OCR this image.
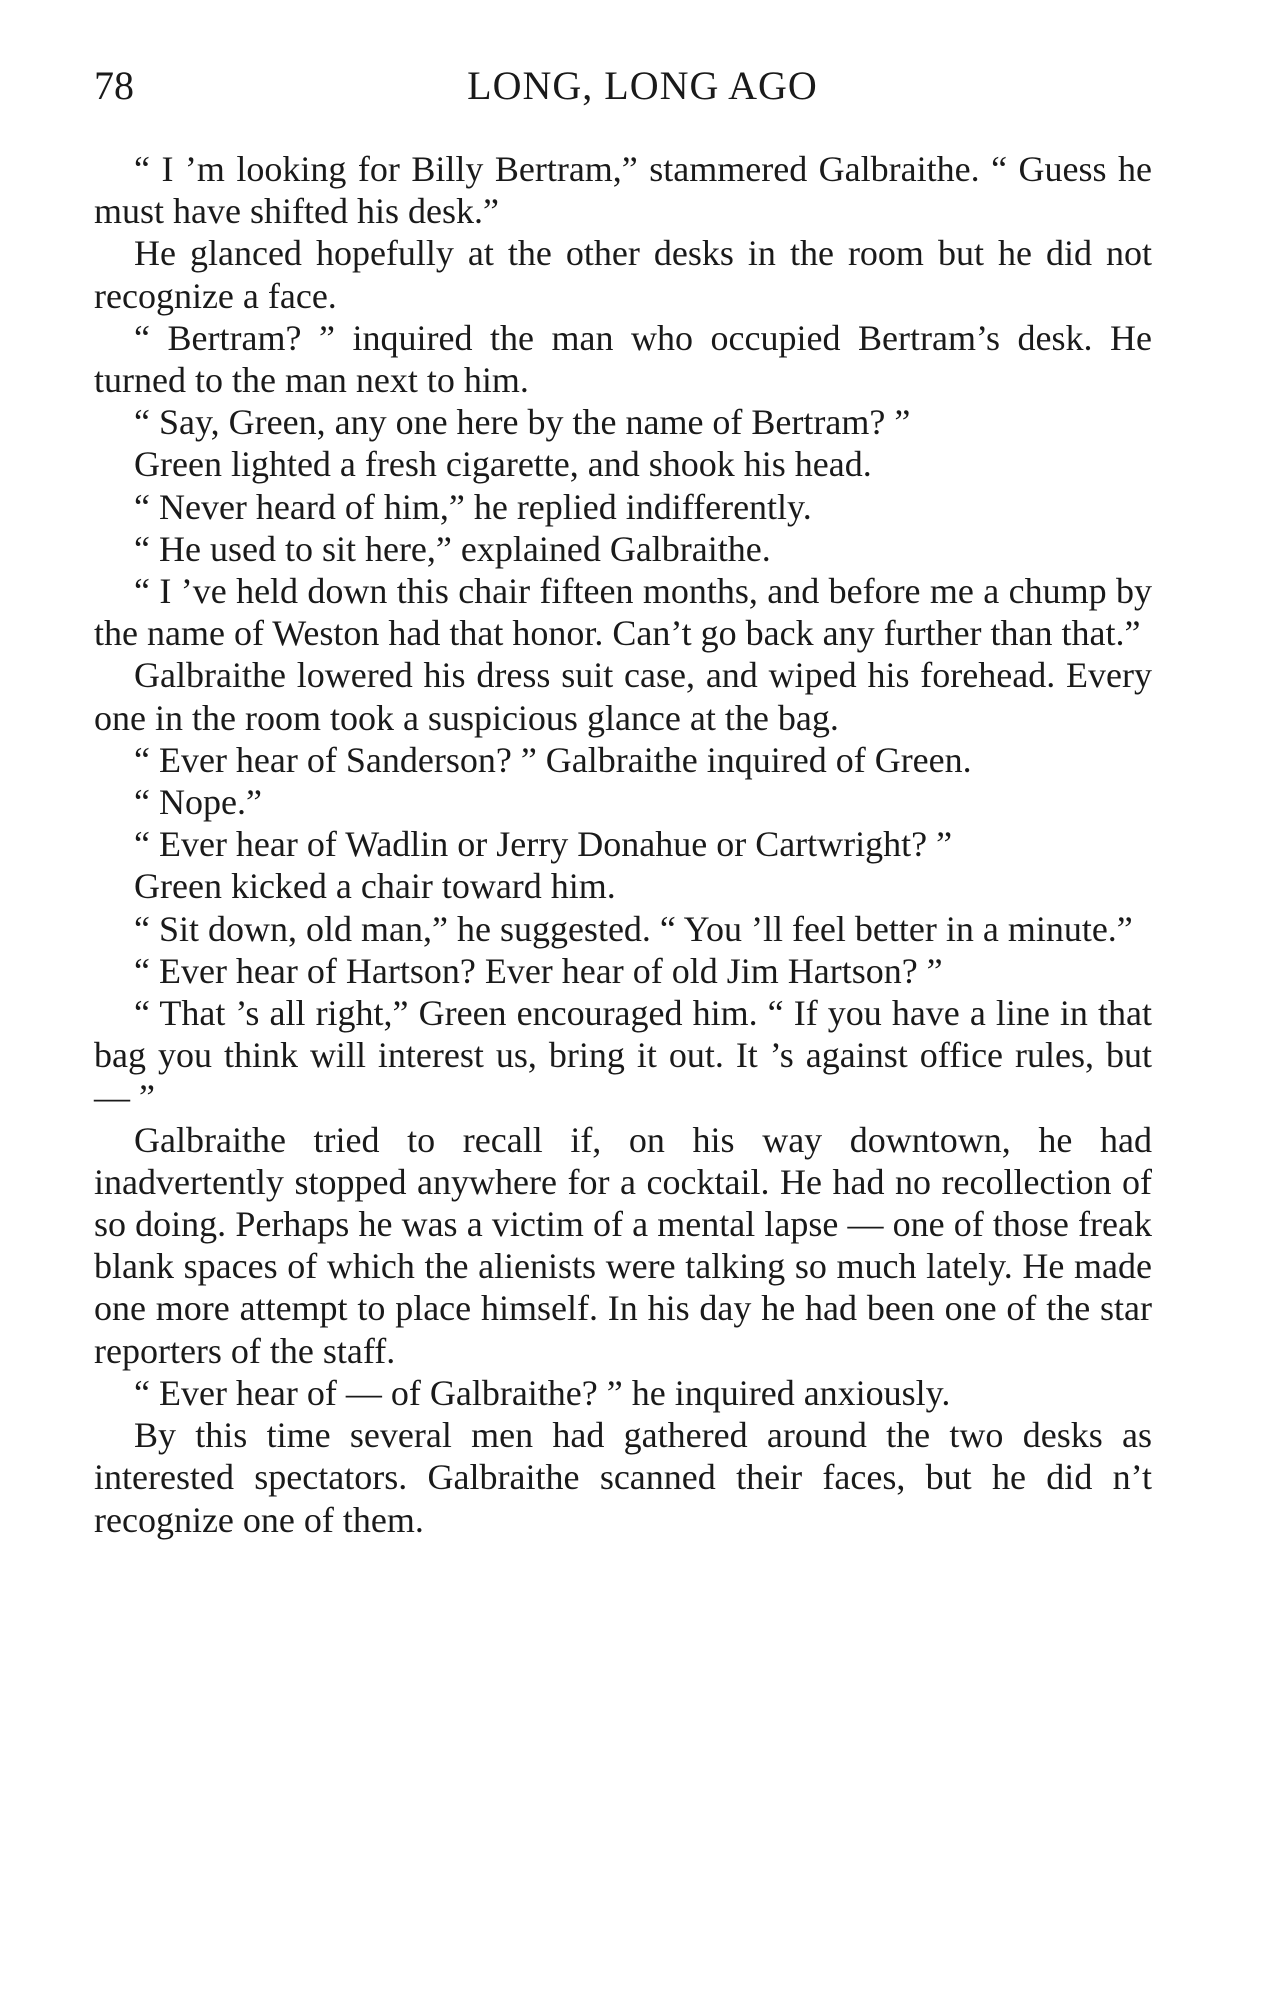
78	LONG, LONG AGO

“ I ’m looking for Billy Bertram,” stammered Galbraithe. “ Guess he must have shifted his desk.”

He glanced hopefully at the other desks in the room but he did not recognize a face.

“ Bertram? ” inquired the man who occupied Bertram’s desk. He turned to the man next to him.

“ Say, Green, any one here by the name of Bertram? ”

Green lighted a fresh cigarette, and shook his head.

“ Never heard of him,” he replied indifferently.

“ He used to sit here,” explained Galbraithe.

“ I ’ve held down this chair fifteen months, and before me a chump by the name of Weston had that honor. Can’t go back any further than that.”

Galbraithe lowered his dress suit case, and wiped his forehead. Every one in the room took a suspicious glance at the bag.

“ Ever hear of Sanderson? ” Galbraithe inquired of Green.

“ Nope.”

“ Ever hear of Wadlin or Jerry Donahue or Cartwright? ”

Green kicked a chair toward him.

“ Sit down, old man,” he suggested. “ You ’ll feel better in a minute.”

“ Ever hear of Hartson? Ever hear of old Jim Hartson? ”

“ That ’s all right,” Green encouraged him. “ If you have a line in that bag you think will interest us, bring it out. It ’s against office rules, but — ”

Galbraithe tried to recall if, on his way downtown, he had inadvertently stopped anywhere for a cocktail. He had no recollection of so doing. Perhaps he was a victim of a mental lapse — one of those freak blank spaces of which the alienists were talking so much lately. He made one more attempt to place himself. In his day he had been one of the star reporters of the staff.

“ Ever hear of — of Galbraithe? ” he inquired anxiously.

By this time several men had gathered around the two desks as interested spectators. Galbraithe scanned their faces, but he did n’t recognize one of them.
